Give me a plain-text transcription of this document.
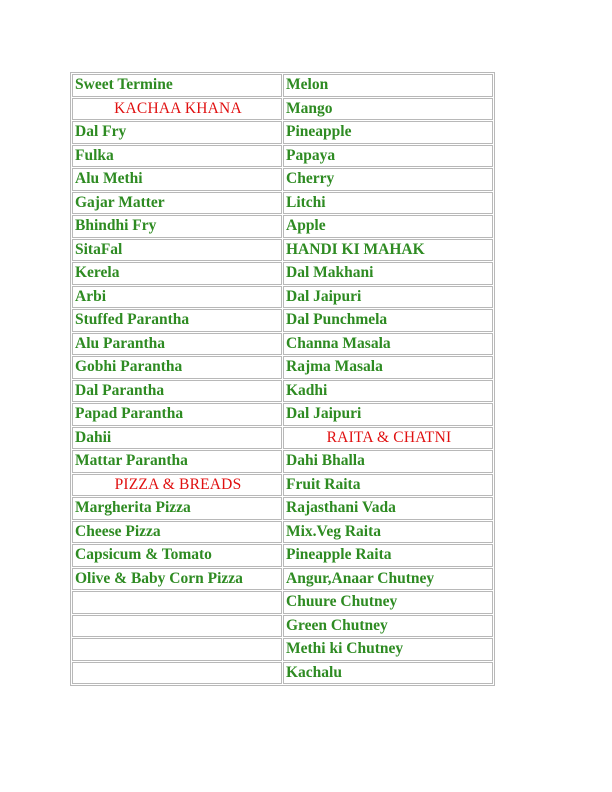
Sweet Termine	Melon
KACHAA KHANA	Mango
Dal Fry	Pineapple
Fulka	Papaya
Alu Methi	Cherry
Gajar Matter	Litchi
Bhindhi Fry	Apple
SitaFal	HANDI KI MAHAK
Kerela	Dal Makhani
Arbi	Dal Jaipuri
Stuffed Parantha	Dal Punchmela
Alu Parantha	Channa Masala
Gobhi Parantha	Rajma Masala
Dal Parantha	Kadhi
Papad Parantha	Dal Jaipuri
Dahii	RAITA & CHATNI
Mattar Parantha	Dahi Bhalla
PIZZA & BREADS	Fruit Raita
Margherita Pizza	Rajasthani Vada
Cheese Pizza	Mix.Veg Raita
Capsicum & Tomato	Pineapple Raita
Olive & Baby Corn Pizza	Angur,Anaar Chutney
	Chuure Chutney
	Green Chutney
	Methi ki Chutney
	Kachalu
